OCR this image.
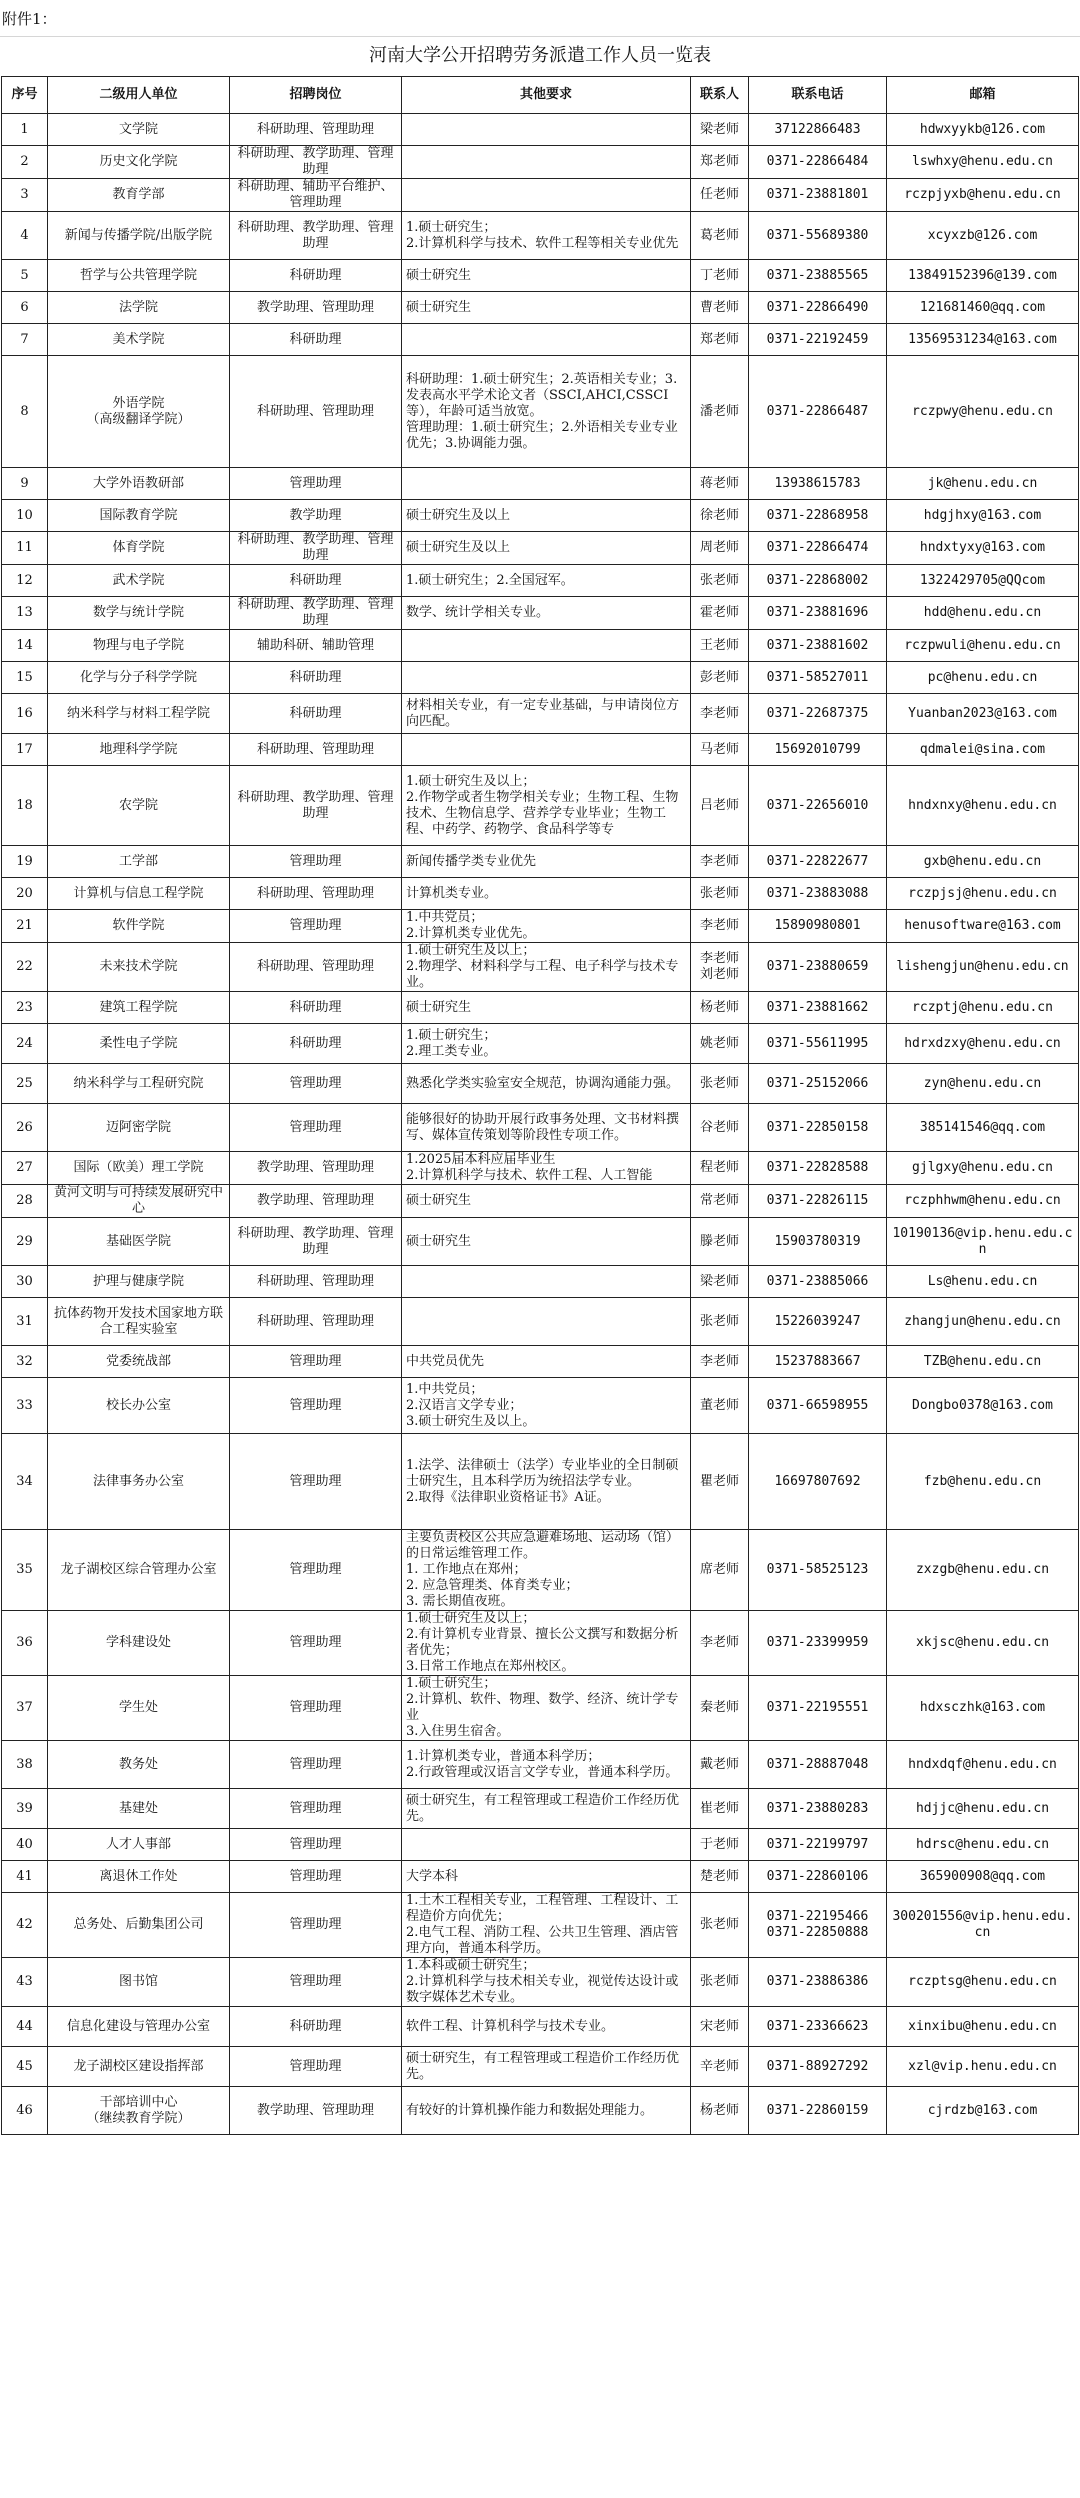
附件1：
河南大学公开招聘劳务派遣工作人员一览表
序号	二级用人单位	招聘岗位	其他要求	联系人	联系电话	邮箱
1	文学院	科研助理、管理助理		梁老师	37122866483	hdwxyykb@126.com
2	历史文化学院	科研助理、教学助理、管理助理		郑老师	0371-22866484	lswhxy@henu.edu.cn
3	教育学部	科研助理、辅助平台维护、管理助理		任老师	0371-23881801	rczpjyxb@henu.edu.cn
4	新闻与传播学院/出版学院	科研助理、教学助理、管理助理	1.硕士研究生；
2.计算机科学与技术、软件工程等相关专业优先	葛老师	0371-55689380	xcyxzb@126.com
5	哲学与公共管理学院	科研助理	硕士研究生	丁老师	0371-23885565	13849152396@139.com
6	法学院	教学助理、管理助理	硕士研究生	曹老师	0371-22866490	121681460@qq.com
7	美术学院	科研助理		郑老师	0371-22192459	13569531234@163.com
8	外语学院
（高级翻译学院）	科研助理、管理助理	科研助理：1.硕士研究生；2.英语相关专业；3.发表高水平学术论文者（SSCI,AHCI,CSSCI等），年龄可适当放宽。
管理助理：1.硕士研究生；2.外语相关专业专业优先；3.协调能力强。	潘老师	0371-22866487	rczpwy@henu.edu.cn
9	大学外语教研部	管理助理		蒋老师	13938615783	jk@henu.edu.cn
10	国际教育学院	教学助理	硕士研究生及以上	徐老师	0371-22868958	hdgjhxy@163.com
11	体育学院	科研助理、教学助理、管理助理	硕士研究生及以上	周老师	0371-22866474	hndxtyxy@163.com
12	武术学院	科研助理	1.硕士研究生；2.全国冠军。	张老师	0371-22868002	1322429705@QQcom
13	数学与统计学院	科研助理、教学助理、管理助理	数学、统计学相关专业。	霍老师	0371-23881696	hdd@henu.edu.cn
14	物理与电子学院	辅助科研、辅助管理		王老师	0371-23881602	rczpwuli@henu.edu.cn
15	化学与分子科学学院	科研助理		彭老师	0371-58527011	pc@henu.edu.cn
16	纳米科学与材料工程学院	科研助理	材料相关专业，有一定专业基础，与申请岗位方向匹配。	李老师	0371-22687375	Yuanban2023@163.com
17	地理科学学院	科研助理、管理助理		马老师	15692010799	qdmalei@sina.com
18	农学院	科研助理、教学助理、管理助理	1.硕士研究生及以上；
2.作物学或者生物学相关专业；生物工程、生物技术、生物信息学、营养学专业毕业；生物工程、中药学、药物学、食品科学等专	吕老师	0371-22656010	hndxnxy@henu.edu.cn
19	工学部	管理助理	新闻传播学类专业优先	李老师	0371-22822677	gxb@henu.edu.cn
20	计算机与信息工程学院	科研助理、管理助理	计算机类专业。	张老师	0371-23883088	rczpjsj@henu.edu.cn
21	软件学院	管理助理	1.中共党员；
2.计算机类专业优先。	李老师	15890980801	henusoftware@163.com
22	未来技术学院	科研助理、管理助理	1.硕士研究生及以上；
2.物理学、材料科学与工程、电子科学与技术专业。	李老师
刘老师	0371-23880659	lishengjun@henu.edu.cn
23	建筑工程学院	科研助理	硕士研究生	杨老师	0371-23881662	rczptj@henu.edu.cn
24	柔性电子学院	科研助理	1.硕士研究生；
2.理工类专业。	姚老师	0371-55611995	hdrxdzxy@henu.edu.cn
25	纳米科学与工程研究院	管理助理	熟悉化学类实验室安全规范，协调沟通能力强。	张老师	0371-25152066	zyn@henu.edu.cn
26	迈阿密学院	管理助理	能够很好的协助开展行政事务处理、文书材料撰写、媒体宣传策划等阶段性专项工作。	谷老师	0371-22850158	385141546@qq.com
27	国际（欧美）理工学院	教学助理、管理助理	1.2025届本科应届毕业生
2.计算机科学与技术、软件工程、人工智能	程老师	0371-22828588	gjlgxy@henu.edu.cn
28	黄河文明与可持续发展研究中心	教学助理、管理助理	硕士研究生	常老师	0371-22826115	rczphhwm@henu.edu.cn
29	基础医学院	科研助理、教学助理、管理助理	硕士研究生	滕老师	15903780319	10190136@vip.henu.edu.cn
30	护理与健康学院	科研助理、管理助理		梁老师	0371-23885066	Ls@henu.edu.cn
31	抗体药物开发技术国家地方联合工程实验室	科研助理、管理助理		张老师	15226039247	zhangjun@henu.edu.cn
32	党委统战部	管理助理	中共党员优先	李老师	15237883667	TZB@henu.edu.cn
33	校长办公室	管理助理	1.中共党员；
2.汉语言文学专业；
3.硕士研究生及以上。	董老师	0371-66598955	Dongbo0378@163.com
34	法律事务办公室	管理助理	1.法学、法律硕士（法学）专业毕业的全日制硕士研究生，且本科学历为统招法学专业。
2.取得《法律职业资格证书》A证。	瞿老师	16697807692	fzb@henu.edu.cn
35	龙子湖校区综合管理办公室	管理助理	主要负责校区公共应急避难场地、运动场（馆）的日常运维管理工作。
1. 工作地点在郑州；
2. 应急管理类、体育类专业；
3. 需长期值夜班。	席老师	0371-58525123	zxzgb@henu.edu.cn
36	学科建设处	管理助理	1.硕士研究生及以上；
2.有计算机专业背景、擅长公文撰写和数据分析者优先；
3.日常工作地点在郑州校区。	李老师	0371-23399959	xkjsc@henu.edu.cn
37	学生处	管理助理	1.硕士研究生；
2.计算机、软件、物理、数学、经济、统计学专业
3.入住男生宿舍。	秦老师	0371-22195551	hdxsczhk@163.com
38	教务处	管理助理	1.计算机类专业，普通本科学历；
2.行政管理或汉语言文学专业，普通本科学历。	戴老师	0371-28887048	hndxdqf@henu.edu.cn
39	基建处	管理助理	硕士研究生，有工程管理或工程造价工作经历优先。	崔老师	0371-23880283	hdjjc@henu.edu.cn
40	人才人事部	管理助理		于老师	0371-22199797	hdrsc@henu.edu.cn
41	离退休工作处	管理助理	大学本科	楚老师	0371-22860106	365900908@qq.com
42	总务处、后勤集团公司	管理助理	1.土木工程相关专业，工程管理、工程设计、工程造价方向优先；
2.电气工程、消防工程、公共卫生管理、酒店管理方向，普通本科学历。	张老师	0371-22195466
0371-22850888	300201556@vip.henu.edu.cn
43	图书馆	管理助理	1.本科或硕士研究生；
2.计算机科学与技术相关专业，视觉传达设计或数字媒体艺术专业。	张老师	0371-23886386	rczptsg@henu.edu.cn
44	信息化建设与管理办公室	科研助理	软件工程、计算机科学与技术专业。	宋老师	0371-23366623	xinxibu@henu.edu.cn
45	龙子湖校区建设指挥部	管理助理	硕士研究生，有工程管理或工程造价工作经历优先。	辛老师	0371-88927292	xzl@vip.henu.edu.cn
46	干部培训中心
（继续教育学院）	教学助理、管理助理	有较好的计算机操作能力和数据处理能力。	杨老师	0371-22860159	cjrdzb@163.com
